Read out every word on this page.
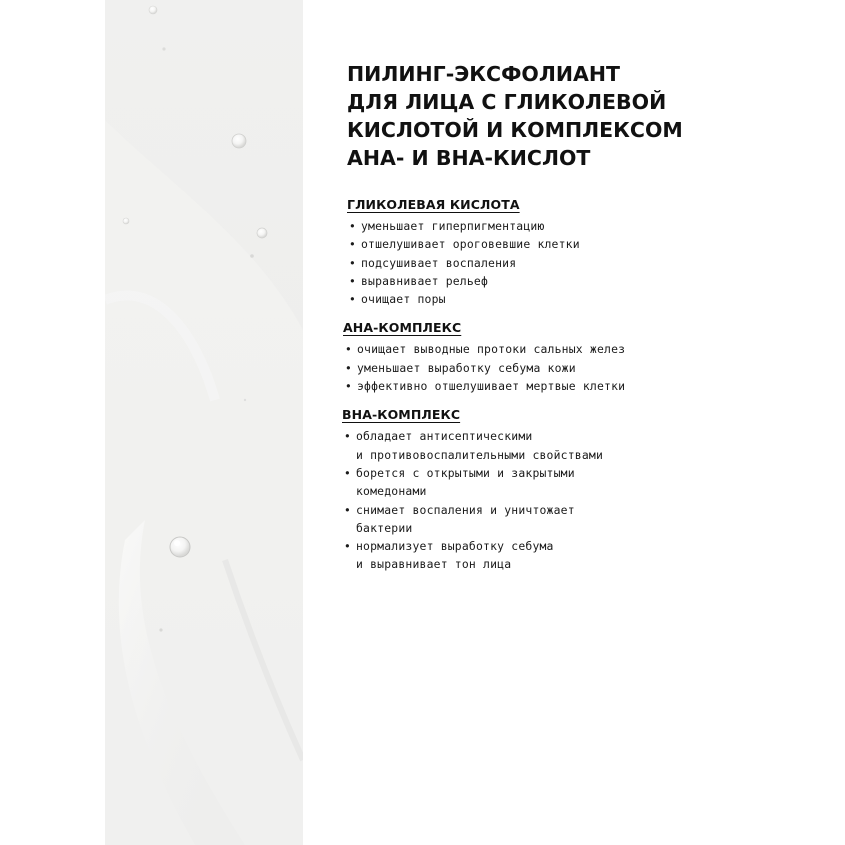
ПИЛИНГ-ЭКСФОЛИАНТ
ДЛЯ ЛИЦА С ГЛИКОЛЕВОЙ
КИСЛОТОЙ И КОМПЛЕКСОМ
АНА- И ВНА-КИСЛОТ
ГЛИКОЛЕВАЯ КИСЛОТА
• уменьшает гиперпигментацию
• отшелушивает ороговевшие клетки
• подсушивает воспаления
• выравнивает рельеф
• очищает поры
АНА-КОМПЛЕКС
• очищает выводные протоки сальных желез
• уменьшает выработку себума кожи
• эффективно отшелушивает мертвые клетки
ВНА-КОМПЛЕКС
• обладает антисептическими
и противовоспалительными свойствами
• борется с открытыми и закрытыми
комедонами
• снимает воспаления и уничтожает
бактерии
• нормализует выработку себума
и выравнивает тон лица
